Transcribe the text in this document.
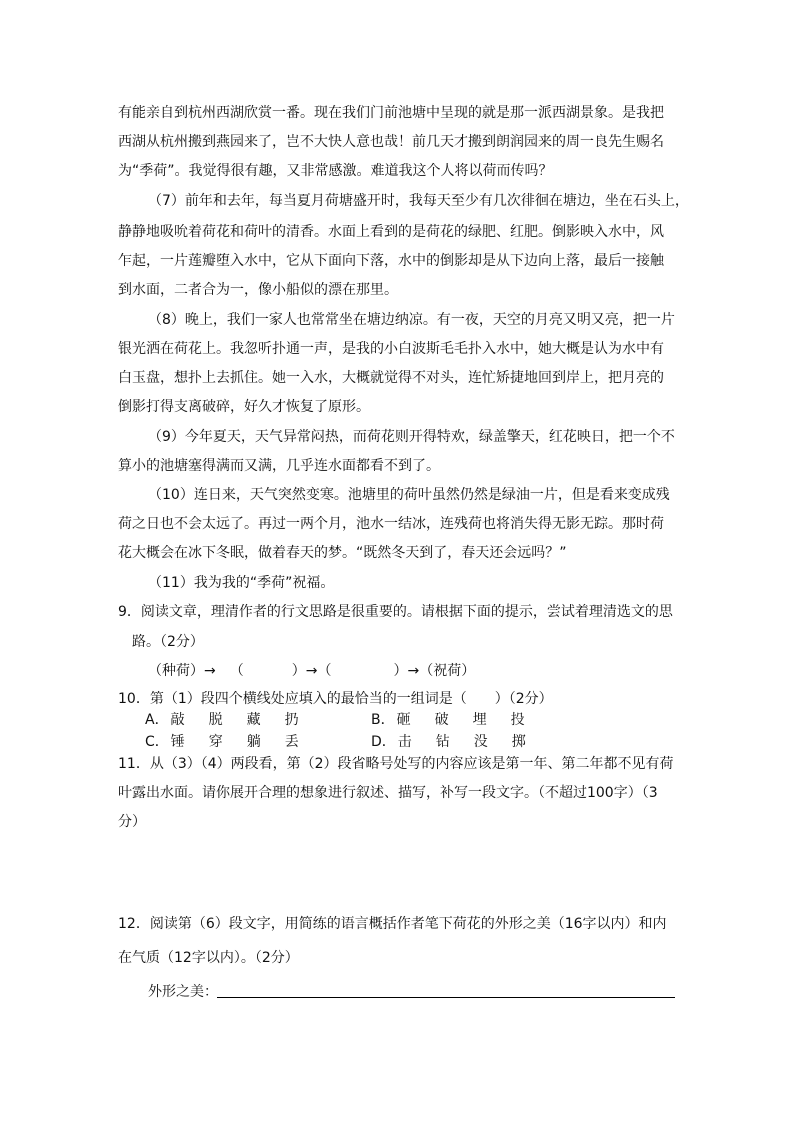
有能亲自到杭州西湖欣赏一番。现在我们门前池塘中呈现的就是那一派西湖景象。是我把
西湖从杭州搬到燕园来了，岂不大快人意也哉！前几天才搬到朗润园来的周一良先生赐名
为“季荷”。我觉得很有趣，又非常感激。难道我这个人将以荷而传吗？
（7）前年和去年，每当夏月荷塘盛开时，我每天至少有几次徘徊在塘边，坐在石头上，
静静地吸吮着荷花和荷叶的清香。水面上看到的是荷花的绿肥、红肥。倒影映入水中，风
乍起，一片莲瓣堕入水中，它从下面向下落，水中的倒影却是从下边向上落，最后一接触
到水面，二者合为一，像小船似的漂在那里。
（8）晚上，我们一家人也常常坐在塘边纳凉。有一夜，天空的月亮又明又亮，把一片
银光洒在荷花上。我忽听扑通一声，是我的小白波斯毛毛扑入水中，她大概是认为水中有
白玉盘，想扑上去抓住。她一入水，大概就觉得不对头，连忙矫捷地回到岸上，把月亮的
倒影打得支离破碎，好久才恢复了原形。
（9）今年夏天，天气异常闷热，而荷花则开得特欢，绿盖擎天，红花映日，把一个不
算小的池塘塞得满而又满，几乎连水面都看不到了。
（10）连日来，天气突然变寒。池塘里的荷叶虽然仍然是绿油一片，但是看来变成残
荷之日也不会太远了。再过一两个月，池水一结冰，连残荷也将消失得无影无踪。那时荷
花大概会在冰下冬眠，做着春天的梦。“既然冬天到了，春天还会远吗？”
（11）我为我的“季荷”祝福。
9．阅读文章，理清作者的行文思路是很重要的。请根据下面的提示，尝试着理清选文的思
路。（2分）
（种荷）→ （	）→（	）→（祝荷）
10．第（1）段四个横线处应填入的最恰当的一组词是（　　）（2分）
A． 敲	脱	藏	扔	B． 砸	破	埋	投
C． 锤	穿	躺	丢	D． 击	钻	没	掷
11．从（3）（4）两段看，第（2）段省略号处写的内容应该是第一年、第二年都不见有荷
叶露出水面。请你展开合理的想象进行叙述、描写，补写一段文字。（不超过100字）（3
分）
12．阅读第（6）段文字，用简练的语言概括作者笔下荷花的外形之美（16字以内）和内
在气质（12字以内）。（2分）
外形之美：
